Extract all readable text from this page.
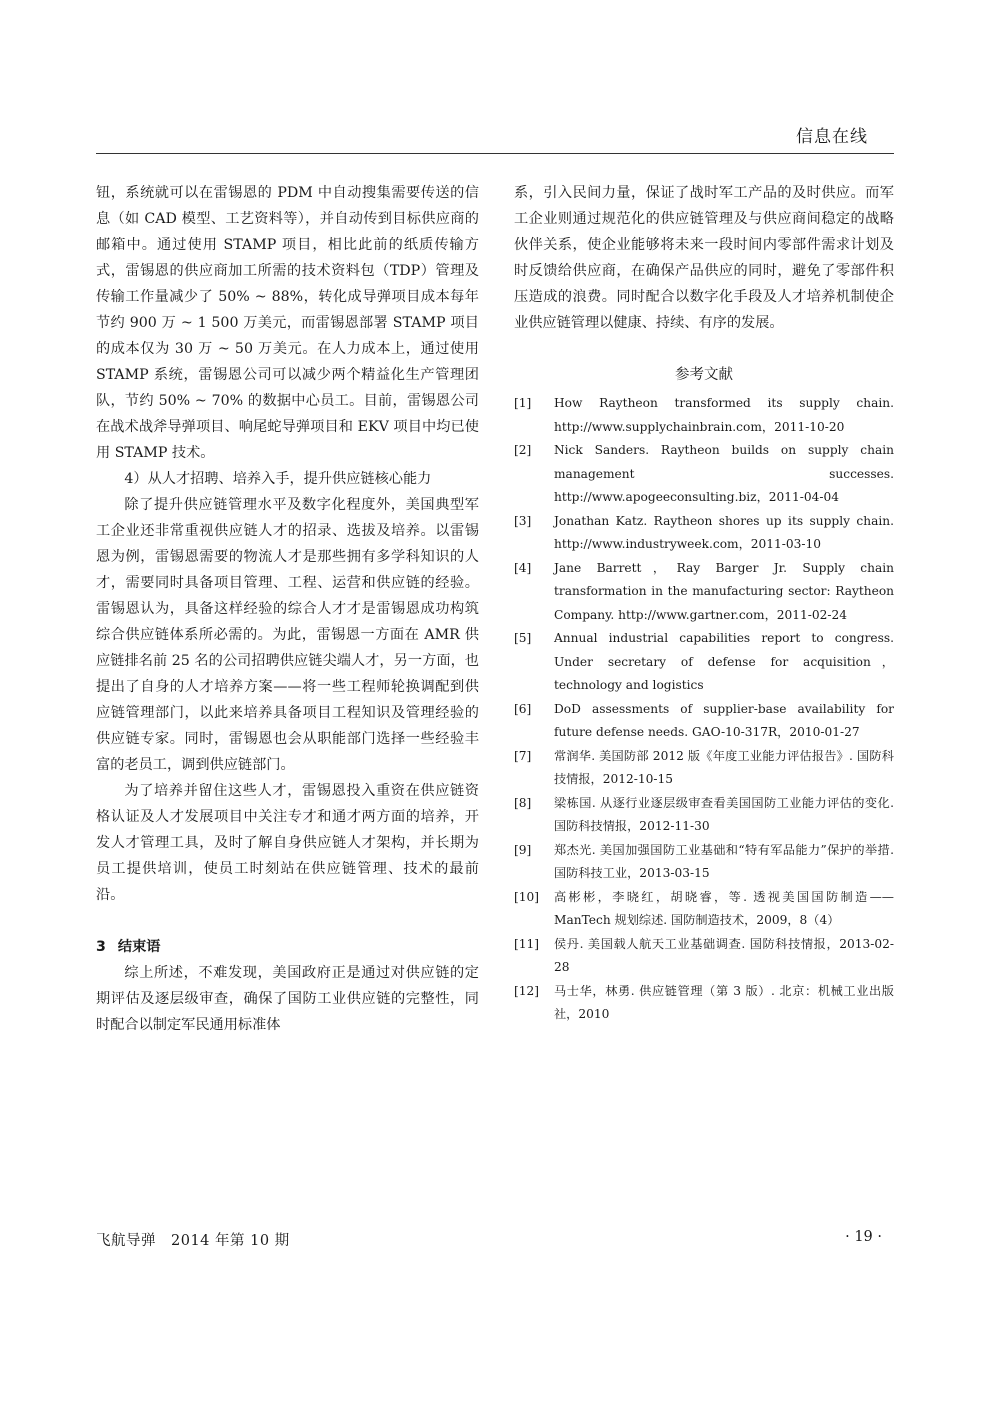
信息在线

钮，系统就可以在雷锡恩的 PDM 中自动搜集需要传送的信息（如 CAD 模型、工艺资料等），并自动传到目标供应商的邮箱中。通过使用 STAMP 项目，相比此前的纸质传输方式，雷锡恩的供应商加工所需的技术资料包（TDP）管理及传输工作量减少了 50% ~ 88%，转化成导弹项目成本每年节约 900 万 ~ 1 500 万美元，而雷锡恩部署 STAMP 项目的成本仅为 30 万 ~ 50 万美元。在人力成本上，通过使用 STAMP 系统，雷锡恩公司可以减少两个精益化生产管理团队，节约 50% ~ 70% 的数据中心员工。目前，雷锡恩公司在战术战斧导弹项目、响尾蛇导弹项目和 EKV 项目中均已使用 STAMP 技术。

4）从人才招聘、培养入手，提升供应链核心能力

除了提升供应链管理水平及数字化程度外，美国典型军工企业还非常重视供应链人才的招录、选拔及培养。以雷锡恩为例，雷锡恩需要的物流人才是那些拥有多学科知识的人才，需要同时具备项目管理、工程、运营和供应链的经验。雷锡恩认为，具备这样经验的综合人才才是雷锡恩成功构筑综合供应链体系所必需的。为此，雷锡恩一方面在 AMR 供应链排名前 25 名的公司招聘供应链尖端人才，另一方面，也提出了自身的人才培养方案——将一些工程师轮换调配到供应链管理部门，以此来培养具备项目工程知识及管理经验的供应链专家。同时，雷锡恩也会从职能部门选择一些经验丰富的老员工，调到供应链部门。

为了培养并留住这些人才，雷锡恩投入重资在供应链资格认证及人才发展项目中关注专才和通才两方面的培养，开发人才管理工具，及时了解自身供应链人才架构，并长期为员工提供培训，使员工时刻站在供应链管理、技术的最前沿。

3 结束语

综上所述，不难发现，美国政府正是通过对供应链的定期评估及逐层级审查，确保了国防工业供应链的完整性，同时配合以制定军民通用标准体

系，引入民间力量，保证了战时军工产品的及时供应。而军工企业则通过规范化的供应链管理及与供应商间稳定的战略伙伴关系，使企业能够将未来一段时间内零部件需求计划及时反馈给供应商，在确保产品供应的同时，避免了零部件积压造成的浪费。同时配合以数字化手段及人才培养机制使企业供应链管理以健康、持续、有序的发展。

参考文献
[1]	How Raytheon transformed its supply chain. http://www.supplychainbrain.com，2011-10-20
[2]	Nick Sanders. Raytheon builds on supply chain management successes. http://www.apogeeconsulting.biz，2011-04-04
[3]	Jonathan Katz. Raytheon shores up its supply chain. http://www.industryweek.com，2011-03-10
[4]	Jane Barrett，Ray Barger Jr. Supply chain transformation in the manufacturing sector: Raytheon Company. http://www.gartner.com，2011-02-24
[5]	Annual industrial capabilities report to congress. Under secretary of defense for acquisition，technology and logistics
[6]	DoD assessments of supplier-base availability for future defense needs. GAO-10-317R，2010-01-27
[7]	常润华. 美国防部 2012 版《年度工业能力评估报告》. 国防科技情报，2012-10-15
[8]	梁栋国. 从逐行业逐层级审查看美国国防工业能力评估的变化. 国防科技情报，2012-11-30
[9]	郑杰光. 美国加强国防工业基础和“特有军品能力”保护的举措. 国防科技工业，2013-03-15
[10]	高彬彬，李晓红，胡晓睿，等. 透视美国国防制造——ManTech 规划综述. 国防制造技术，2009，8（4）
[11]	侯丹. 美国载人航天工业基础调查. 国防科技情报，2013-02-28
[12]	马士华，林勇. 供应链管理（第 3 版）. 北京：机械工业出版社，2010
飞航导弹　2014 年第 10 期	· 19 ·
